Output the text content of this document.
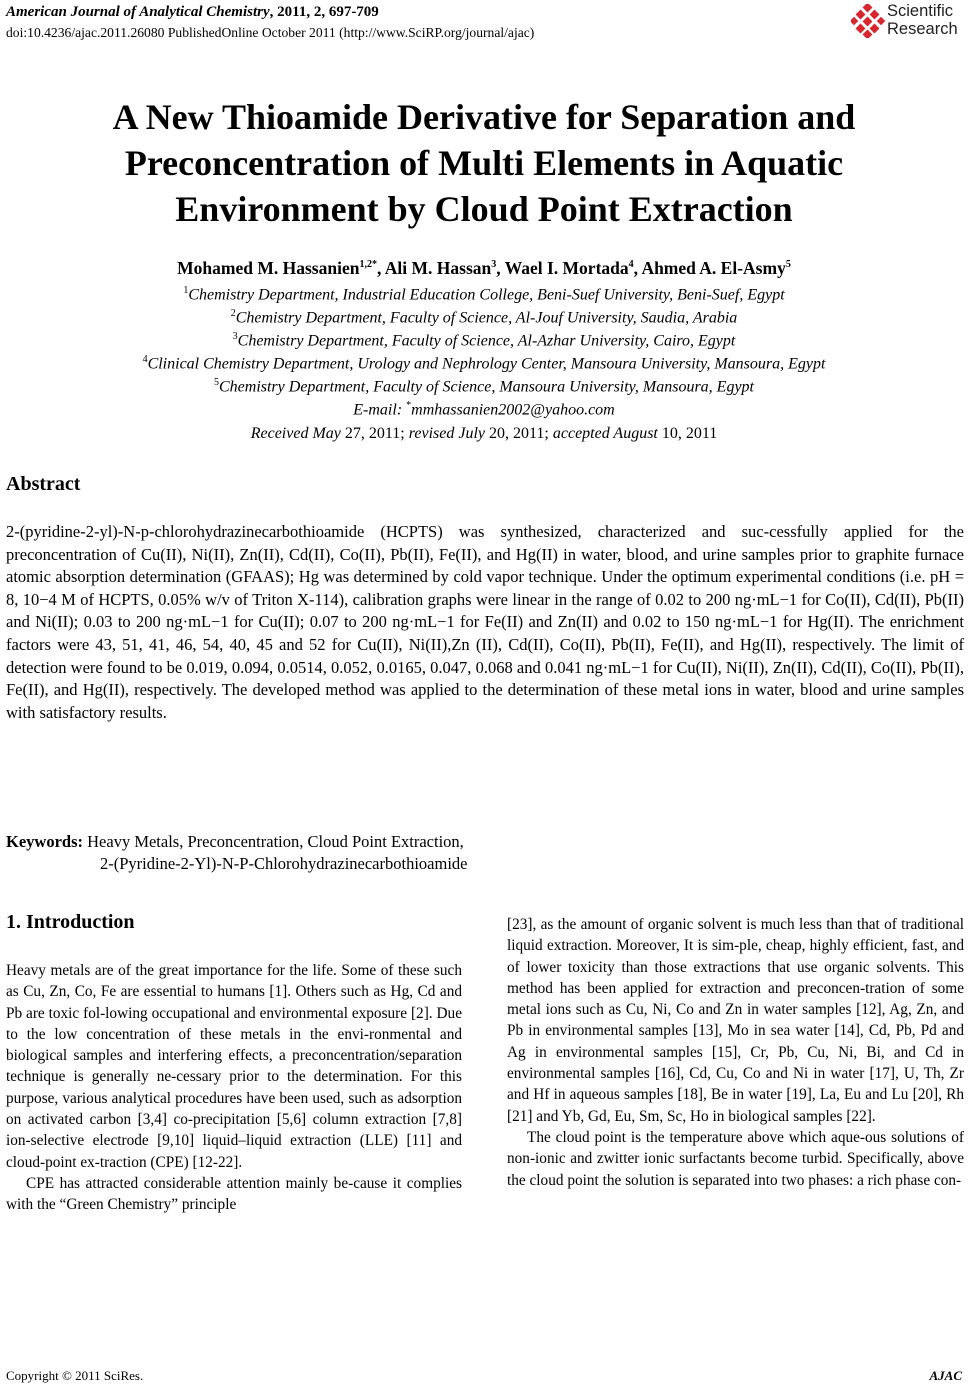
American Journal of Analytical Chemistry, 2011, 2, 697-709
doi:10.4236/ajac.2011.26080 PublishedOnline October 2011 (http://www.SciRP.org/journal/ajac)
Scientific
Research
A New Thioamide Derivative for Separation and
Preconcentration of Multi Elements in Aquatic
Environment by Cloud Point Extraction
Mohamed M. Hassanien$^{1,2*}$, Ali M. Hassan$^3$, Wael I. Mortada$^4$, Ahmed A. El-Asmy$^5$
$^1$Chemistry Department, Industrial Education College, Beni-Suef University, Beni-Suef, Egypt
$^2$Chemistry Department, Faculty of Science, Al-Jouf University, Saudia, Arabia
$^3$Chemistry Department, Faculty of Science, Al-Azhar University, Cairo, Egypt
$^4$Clinical Chemistry Department, Urology and Nephrology Center, Mansoura University, Mansoura, Egypt
$^5$Chemistry Department, Faculty of Science, Mansoura University, Mansoura, Egypt
E-mail: *mmhassanien2002@yahoo.com
Received May 27, 2011; revised July 20, 2011; accepted August 10, 2011
Abstract
2-(pyridine-2-yl)-N-p-chlorohydrazinecarbothioamide (HCPTS) was synthesized, characterized and suc-cessfully applied for the preconcentration of Cu(II), Ni(II), Zn(II), Cd(II), Co(II), Pb(II), Fe(II), and Hg(II) in water, blood, and urine samples prior to graphite furnace atomic absorption determination (GFAAS); Hg was determined by cold vapor technique. Under the optimum experimental conditions (i.e. pH = 8, 10−4 M of HCPTS, 0.05% w/v of Triton X-114), calibration graphs were linear in the range of 0.02 to 200 ng·mL−1 for Co(II), Cd(II), Pb(II) and Ni(II); 0.03 to 200 ng·mL−1 for Cu(II); 0.07 to 200 ng·mL−1 for Fe(II) and Zn(II) and 0.02 to 150 ng·mL−1 for Hg(II). The enrichment factors were 43, 51, 41, 46, 54, 40, 45 and 52 for Cu(II), Ni(II),Zn (II), Cd(II), Co(II), Pb(II), Fe(II), and Hg(II), respectively. The limit of detection were found to be 0.019, 0.094, 0.0514, 0.052, 0.0165, 0.047, 0.068 and 0.041 ng·mL−1 for Cu(II), Ni(II), Zn(II), Cd(II), Co(II), Pb(II), Fe(II), and Hg(II), respectively. The developed method was applied to the determination of these metal ions in water, blood and urine samples with satisfactory results.
Keywords: Heavy Metals, Preconcentration, Cloud Point Extraction,
2-(Pyridine-2-Yl)-N-P-Chlorohydrazinecarbothioamide
1. Introduction

Heavy metals are of the great importance for the life. Some of these such as Cu, Zn, Co, Fe are essential to humans [1]. Others such as Hg, Cd and Pb are toxic fol-lowing occupational and environmental exposure [2]. Due to the low concentration of these metals in the envi-ronmental and biological samples and interfering effects, a preconcentration/separation technique is generally ne-cessary prior to the determination. For this purpose, various analytical procedures have been used, such as adsorption on activated carbon [3,4] co-precipitation [5,6] column extraction [7,8] ion-selective electrode [9,10] liquid–liquid extraction (LLE) [11] and cloud-point ex-traction (CPE) [12-22].

CPE has attracted considerable attention mainly be-cause it complies with the “Green Chemistry” principle

[23], as the amount of organic solvent is much less than that of traditional liquid extraction. Moreover, It is sim-ple, cheap, highly efficient, fast, and of lower toxicity than those extractions that use organic solvents. This method has been applied for extraction and preconcen-tration of some metal ions such as Cu, Ni, Co and Zn in water samples [12], Ag, Zn, and Pb in environmental samples [13], Mo in sea water [14], Cd, Pb, Pd and Ag in environmental samples [15], Cr, Pb, Cu, Ni, Bi, and Cd in environmental samples [16], Cd, Cu, Co and Ni in water [17], U, Th, Zr and Hf in aqueous samples [18], Be in water [19], La, Eu and Lu [20], Rh [21] and Yb, Gd, Eu, Sm, Sc, Ho in biological samples [22].

The cloud point is the temperature above which aque-ous solutions of non-ionic and zwitter ionic surfactants become turbid. Specifically, above the cloud point the solution is separated into two phases: a rich phase con-

Copyright © 2011 SciRes.	AJAC
